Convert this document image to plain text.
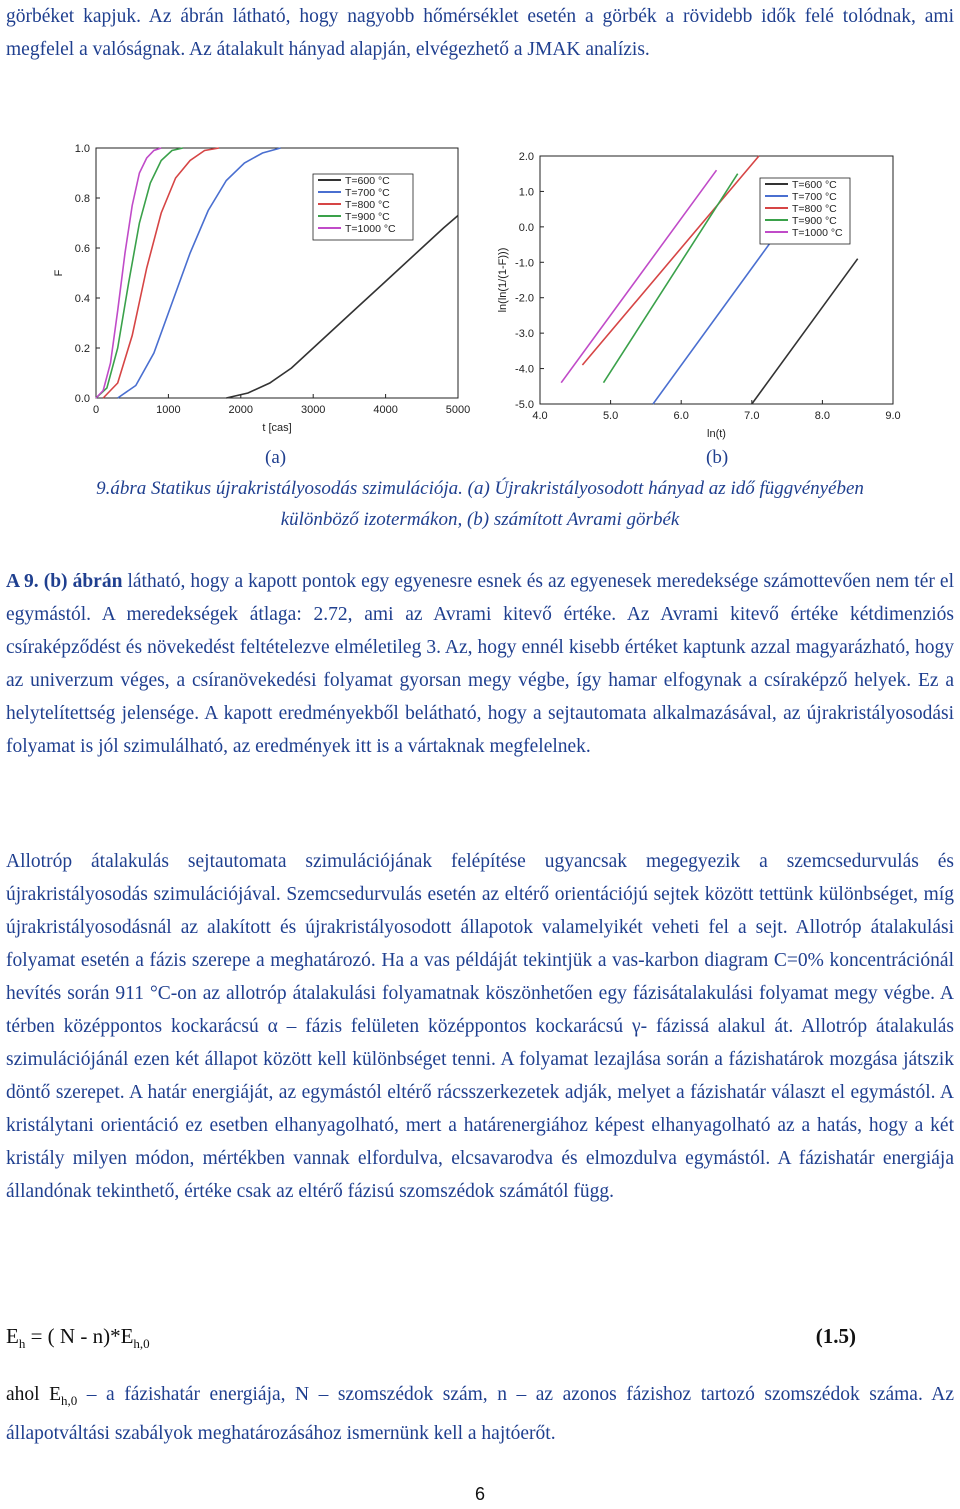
görbéket kapjuk. Az ábrán látható, hogy nagyobb hőmérséklet esetén a görbék a rövidebb idők felé tolódnak, ami megfelel a valóságnak. Az átalakult hányad alapján, elvégezhető a JMAK analízis.

0	1000	2000	3000	4000	5000
0.0
0.2
0.4
0.6
0.8
1.0
t [cas]
F
T=600 °C
T=700 °C
T=800 °C
T=900 °C
T=1000 °C
4.0	5.0	6.0	7.0	8.0	9.0
-5.0
-4.0
-3.0
-2.0
-1.0
0.0
1.0
2.0
ln(t)
ln(ln(1/(1-F)))
T=600 °C
T=700 °C
T=800 °C
T=900 °C
T=1000 °C
(a)	(b)
9.ábra Statikus újrakristályosodás szimulációja. (a) Újrakristályosodott hányad az idő függvényében
különböző izotermákon, (b) számított Avrami görbék

A 9. (b) ábrán látható, hogy a kapott pontok egy egyenesre esnek és az egyenesek meredeksége számottevően nem tér el egymástól. A meredekségek átlaga: 2.72, ami az Avrami kitevő értéke. Az Avrami kitevő értéke kétdimenziós csíraképződést és növekedést feltételezve elméletileg 3. Az, hogy ennél kisebb értéket kaptunk azzal magyarázható, hogy az univerzum véges, a csíranövekedési folyamat gyorsan megy végbe, így hamar elfogynak a csíraképző helyek. Ez a helytelítettség jelensége. A kapott eredményekből belátható, hogy a sejtautomata alkalmazásával, az újrakristályosodási folyamat is jól szimulálható, az eredmények itt is a vártaknak megfelelnek.

Allotróp átalakulás sejtautomata szimulációjának felépítése ugyancsak megegyezik a szemcsedurvulás és újrakristályosodás szimulációjával. Szemcsedurvulás esetén az eltérő orientációjú sejtek között tettünk különbséget, míg újrakristályosodásnál az alakított és újrakristályosodott állapotok valamelyikét veheti fel a sejt. Allotróp átalakulási folyamat esetén a fázis szerepe a meghatározó. Ha a vas példáját tekintjük a vas-karbon diagram C=0% koncentrációnál hevítés során 911 °C-on az allotróp átalakulási folyamatnak köszönhetően egy fázisátalakulási folyamat megy végbe. A térben középpontos kockarácsú α – fázis felületen középpontos kockarácsú γ- fázissá alakul át. Allotróp átalakulás szimulációjánál ezen két állapot között kell különbséget tenni. A folyamat lezajlása során a fázishatárok mozgása játszik döntő szerepet. A határ energiáját, az egymástól eltérő rácsszerkezetek adják, melyet a fázishatár választ el egymástól. A kristálytani orientáció ez esetben elhanyagolható, mert a határenergiához képest elhanyagolható az a hatás, hogy a két kristály milyen módon, mértékben vannak elfordulva, elcsavarodva és elmozdulva egymástól. A fázishatár energiája állandónak tekinthető, értéke csak az eltérő fázisú szomszédok számától függ.

$E_h$ = ( N - $n)*E_{h,0}$	(1.5)

ahol $E_{h,0}$ – a fázishatár energiája, N – szomszédok szám, n – az azonos fázishoz tartozó szomszédok száma. Az állapotváltási szabályok meghatározásához ismernünk kell a hajtóerőt.

6
